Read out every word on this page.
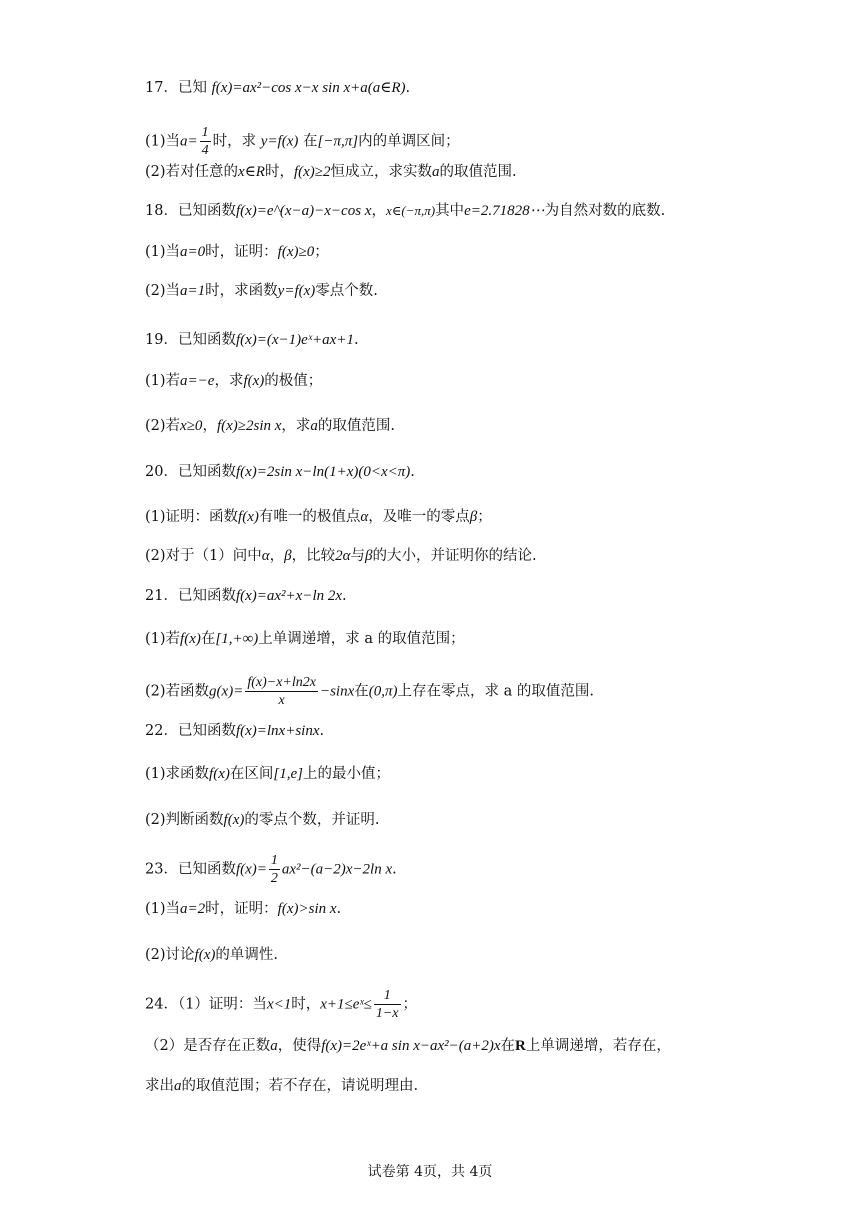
17．已知 f(x)=ax²−cos x−x sin x+a(a∈R).
(1)当$a= \frac{1}{4}$ 时，求 y=f(x) 在[−π,π]内的单调区间；
(2)若对任意的x∈R时，f(x)≥2恒成立，求实数a的取值范围.
18．已知函数f(x)=e^(x−a)−x−cos x，x∈(−π,π)其中e=2.71828⋯为自然对数的底数.
(1)当a=0时，证明：f(x)≥0；
(2)当a=1时，求函数y=f(x)零点个数.
19．已知函数f(x)=(x−1)eˣ+ax+1.
(1)若a=−e，求f(x)的极值；
(2)若x≥0，f(x)≥2sin x，求a的取值范围.
20．已知函数f(x)=2sin x−ln(1+x)(0<x<π).
(1)证明：函数f(x)有唯一的极值点α，及唯一的零点β；
(2)对于（1）问中α，β，比较2α与β的大小，并证明你的结论.
21．已知函数f(x)=ax²+x−ln 2x.
(1)若f(x)在[1,+∞)上单调递增，求 a 的取值范围；
(2)若函数$g(x)= \frac{f(x)-x+\ln 2x}{x} -\sin x$在(0,π)上存在零点，求 a 的取值范围.
22．已知函数f(x)=lnx+sinx.
(1)求函数f(x)在区间[1,e]上的最小值；
(2)判断函数f(x)的零点个数，并证明.
23．已知函数$f(x)= \frac{1}{2} ax^2-(a-2)x-2\ln$ x.
(1)当a=2时，证明：f(x)>sin x.
(2)讨论f(x)的单调性.
24．（1）证明：当x<1时，x+1≤eˣ≤ $\frac{1}{1-x}$ ；
（2）是否存在正数a，使得f(x)=2eˣ+a sin x−ax²−(a+2)x在R上单调递增，若存在，
求出a的取值范围；若不存在，请说明理由.
试卷第 4页，共 4页
